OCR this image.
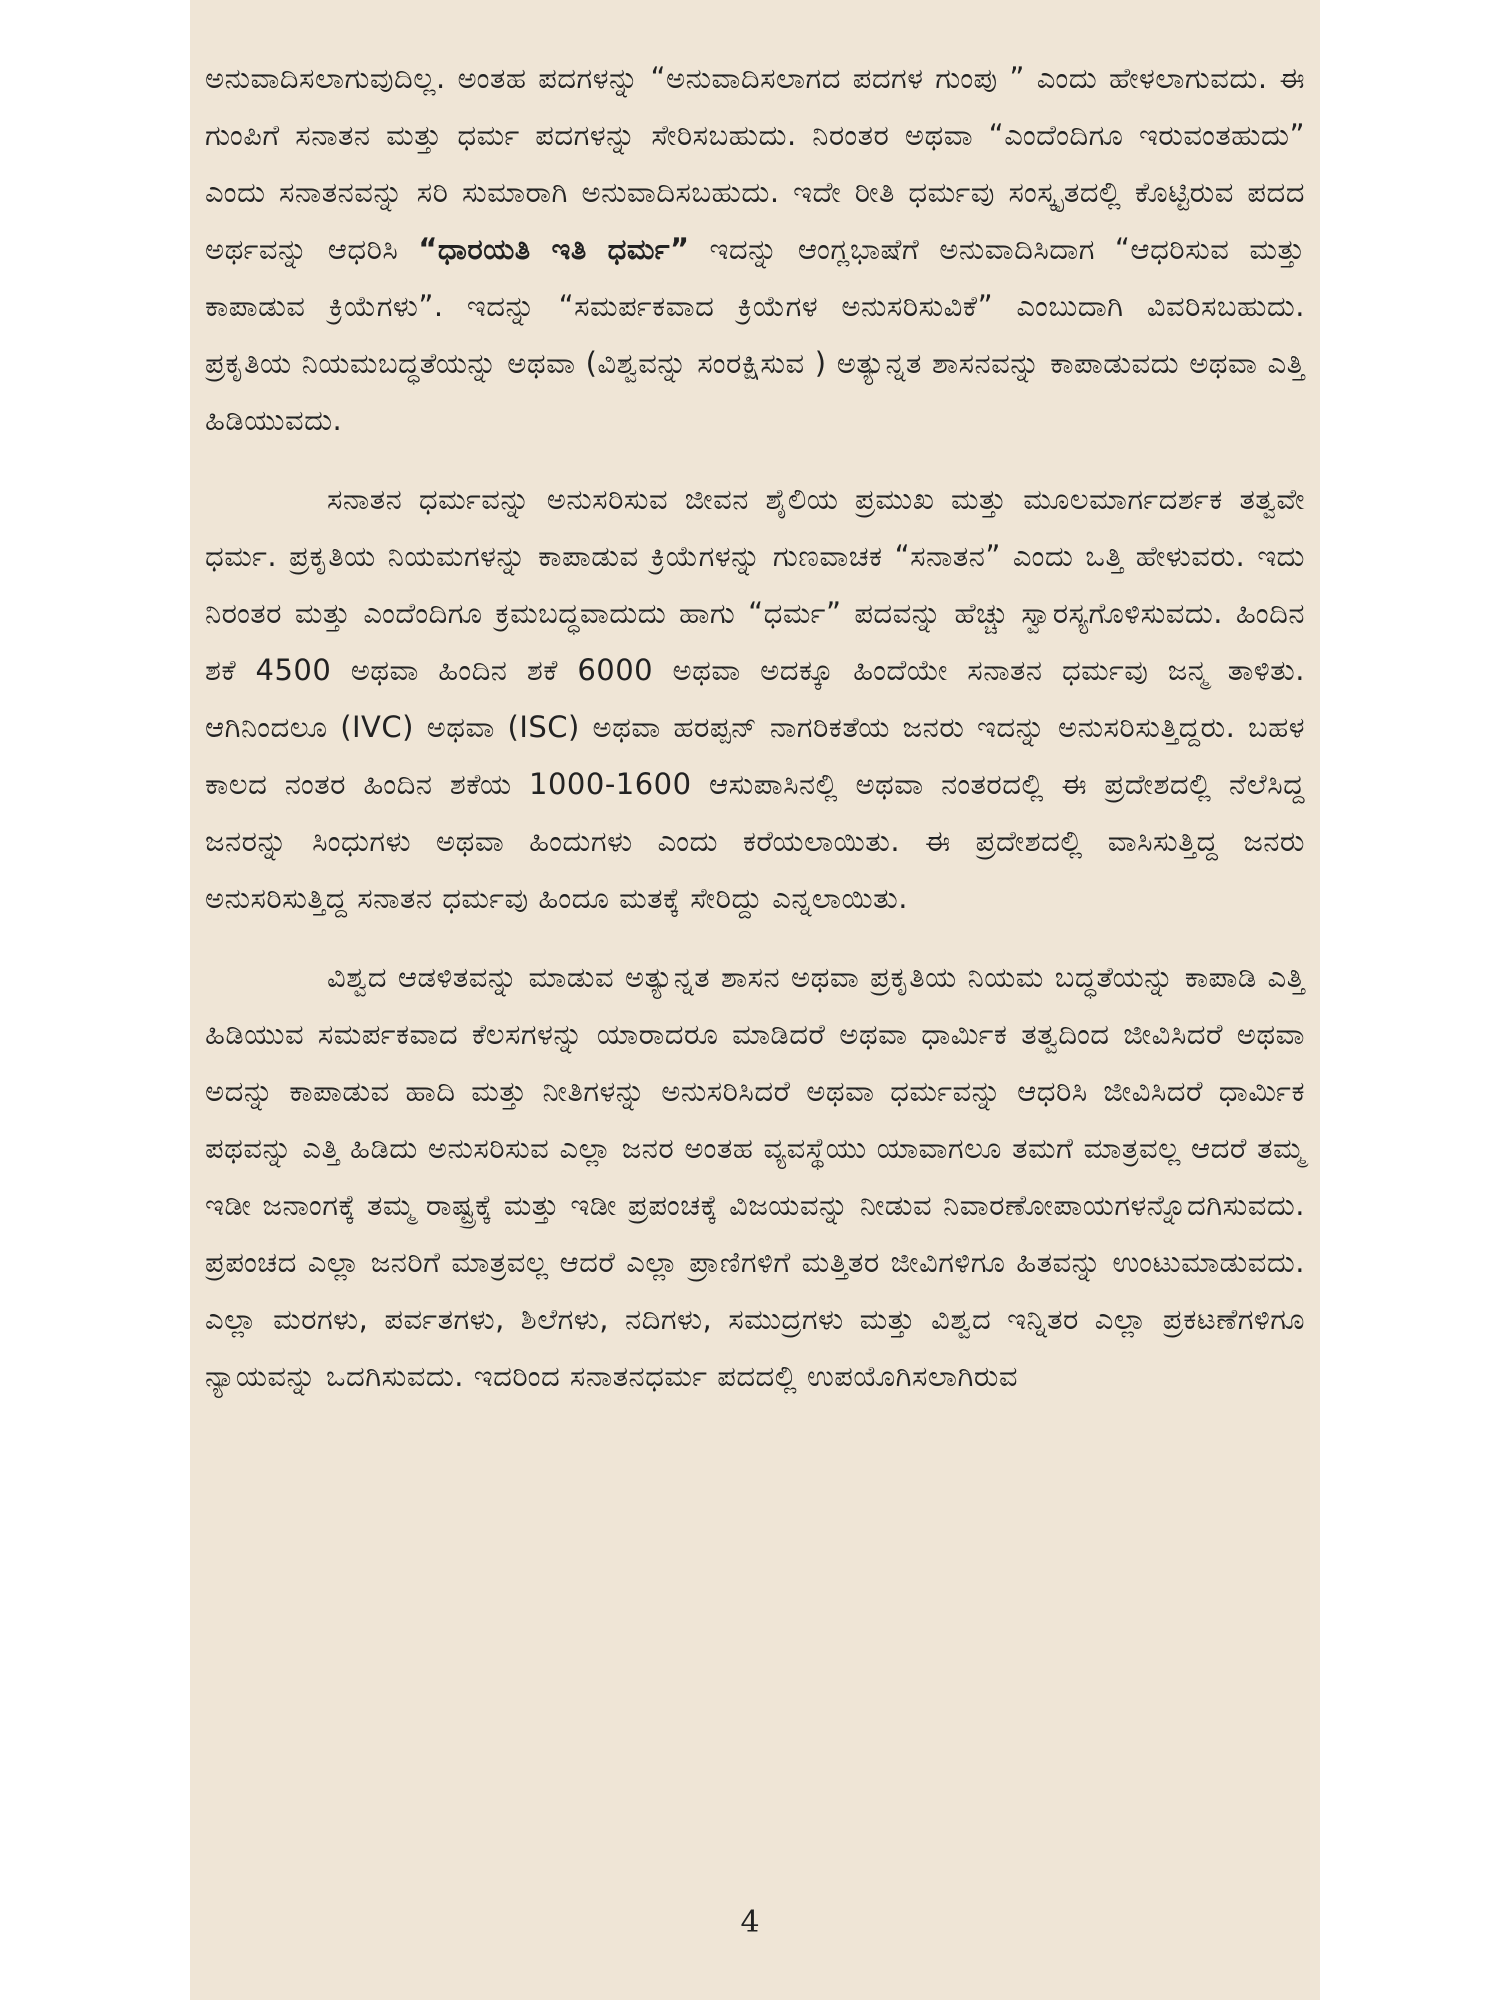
ಅನುವಾದಿಸಲಾಗುವುದಿಲ್ಲ. ಅಂತಹ ಪದಗಳನ್ನು “ಅನುವಾದಿಸಲಾಗದ ಪದಗಳ ಗುಂಪು ” ಎಂದು ಹೇಳಲಾಗುವದು. ಈ ಗುಂಪಿಗೆ ಸನಾತನ ಮತ್ತು ಧರ್ಮ ಪದಗಳನ್ನು ಸೇರಿಸಬಹುದು. ನಿರಂತರ ಅಥವಾ “ಎಂದೆಂದಿಗೂ ಇರುವಂತಹುದು” ಎಂದು ಸನಾತನವನ್ನು ಸರಿ ಸುಮಾರಾಗಿ ಅನುವಾದಿಸಬಹುದು. ಇದೇ ರೀತಿ ಧರ್ಮವು ಸಂಸ್ಕೃತದಲ್ಲಿ ಕೊಟ್ಟಿರುವ ಪದದ ಅರ್ಥವನ್ನು ಆಧರಿಸಿ “ಧಾರಯತಿ ಇತಿ ಧರ್ಮ” ಇದನ್ನು ಆಂಗ್ಲಭಾಷೆಗೆ ಅನುವಾದಿಸಿದಾಗ “ಆಧರಿಸುವ ಮತ್ತು ಕಾಪಾಡುವ ಕ್ರಿಯೆಗಳು”. ಇದನ್ನು “ಸಮರ್ಪಕವಾದ ಕ್ರಿಯೆಗಳ ಅನುಸರಿಸುವಿಕೆ” ಎಂಬುದಾಗಿ ವಿವರಿಸಬಹುದು. ಪ್ರಕೃತಿಯ ನಿಯಮಬದ್ಧತೆಯನ್ನು ಅಥವಾ (ವಿಶ್ವವನ್ನು ಸಂರಕ್ಷಿಸುವ ) ಅತ್ಯುನ್ನತ ಶಾಸನವನ್ನು ಕಾಪಾಡುವದು ಅಥವಾ ಎತ್ತಿ ಹಿಡಿಯುವದು.

ಸನಾತನ ಧರ್ಮವನ್ನು ಅನುಸರಿಸುವ ಜೀವನ ಶೈಲಿಯ ಪ್ರಮುಖ ಮತ್ತು ಮೂಲಮಾರ್ಗದರ್ಶಕ ತತ್ವವೇ ಧರ್ಮ. ಪ್ರಕೃತಿಯ ನಿಯಮಗಳನ್ನು ಕಾಪಾಡುವ ಕ್ರಿಯೆಗಳನ್ನು ಗುಣವಾಚಕ “ಸನಾತನ” ಎಂದು ಒತ್ತಿ ಹೇಳುವರು. ಇದು ನಿರಂತರ ಮತ್ತು ಎಂದೆಂದಿಗೂ ಕ್ರಮಬದ್ಧವಾದುದು ಹಾಗು “ಧರ್ಮ” ಪದವನ್ನು ಹೆಚ್ಚು ಸ್ವಾರಸ್ಯಗೊಳಿಸುವದು. ಹಿಂದಿನ ಶಕೆ 4500 ಅಥವಾ ಹಿಂದಿನ ಶಕೆ 6000 ಅಥವಾ ಅದಕ್ಕೂ ಹಿಂದೆಯೇ ಸನಾತನ ಧರ್ಮವು ಜನ್ಮ ತಾಳಿತು. ಆಗಿನಿಂದಲೂ (IVC) ಅಥವಾ (ISC) ಅಥವಾ ಹರಪ್ಪನ್ ನಾಗರಿಕತೆಯ ಜನರು ಇದನ್ನು ಅನುಸರಿಸುತ್ತಿದ್ದರು. ಬಹಳ ಕಾಲದ ನಂತರ ಹಿಂದಿನ ಶಕೆಯ 1000-1600 ಆಸುಪಾಸಿನಲ್ಲಿ ಅಥವಾ ನಂತರದಲ್ಲಿ ಈ ಪ್ರದೇಶದಲ್ಲಿ ನೆಲೆಸಿದ್ದ ಜನರನ್ನು ಸಿಂಧುಗಳು ಅಥವಾ ಹಿಂದುಗಳು ಎಂದು ಕರೆಯಲಾಯಿತು. ಈ ಪ್ರದೇಶದಲ್ಲಿ ವಾಸಿಸುತ್ತಿದ್ದ ಜನರು ಅನುಸರಿಸುತ್ತಿದ್ದ ಸನಾತನ ಧರ್ಮವು ಹಿಂದೂ ಮತಕ್ಕೆ ಸೇರಿದ್ದು ಎನ್ನಲಾಯಿತು.

ವಿಶ್ವದ ಆಡಳಿತವನ್ನು ಮಾಡುವ ಅತ್ಯುನ್ನತ ಶಾಸನ ಅಥವಾ ಪ್ರಕೃತಿಯ ನಿಯಮ ಬದ್ಧತೆಯನ್ನು ಕಾಪಾಡಿ ಎತ್ತಿ ಹಿಡಿಯುವ ಸಮರ್ಪಕವಾದ ಕೆಲಸಗಳನ್ನು ಯಾರಾದರೂ ಮಾಡಿದರೆ ಅಥವಾ ಧಾರ್ಮಿಕ ತತ್ವದಿಂದ ಜೀವಿಸಿದರೆ ಅಥವಾ ಅದನ್ನು ಕಾಪಾಡುವ ಹಾದಿ ಮತ್ತು ನೀತಿಗಳನ್ನು ಅನುಸರಿಸಿದರೆ ಅಥವಾ ಧರ್ಮವನ್ನು ಆಧರಿಸಿ ಜೀವಿಸಿದರೆ ಧಾರ್ಮಿಕ ಪಥವನ್ನು ಎತ್ತಿ ಹಿಡಿದು ಅನುಸರಿಸುವ ಎಲ್ಲಾ ಜನರ ಅಂತಹ ವ್ಯವಸ್ಥೆಯು ಯಾವಾಗಲೂ ತಮಗೆ ಮಾತ್ರವಲ್ಲ ಆದರೆ ತಮ್ಮ ಇಡೀ ಜನಾಂಗಕ್ಕೆ ತಮ್ಮ ರಾಷ್ಟ್ರಕ್ಕೆ ಮತ್ತು ಇಡೀ ಪ್ರಪಂಚಕ್ಕೆ ವಿಜಯವನ್ನು ನೀಡುವ ನಿವಾರಣೋಪಾಯಗಳನ್ನೊದಗಿಸುವದು. ಪ್ರಪಂಚದ ಎಲ್ಲಾ ಜನರಿಗೆ ಮಾತ್ರವಲ್ಲ ಆದರೆ ಎಲ್ಲಾ ಪ್ರಾಣಿಗಳಿಗೆ ಮತ್ತಿತರ ಜೀವಿಗಳಿಗೂ ಹಿತವನ್ನು ಉಂಟುಮಾಡುವದು. ಎಲ್ಲಾ ಮರಗಳು, ಪರ್ವತಗಳು, ಶಿಲೆಗಳು, ನದಿಗಳು, ಸಮುದ್ರಗಳು ಮತ್ತು ವಿಶ್ವದ ಇನ್ನಿತರ ಎಲ್ಲಾ ಪ್ರಕಟಣೆಗಳಿಗೂ ನ್ಯಾಯವನ್ನು ಒದಗಿಸುವದು. ಇದರಿಂದ ಸನಾತನಧರ್ಮ ಪದದಲ್ಲಿ ಉಪಯೊಗಿಸಲಾಗಿರುವ

4
